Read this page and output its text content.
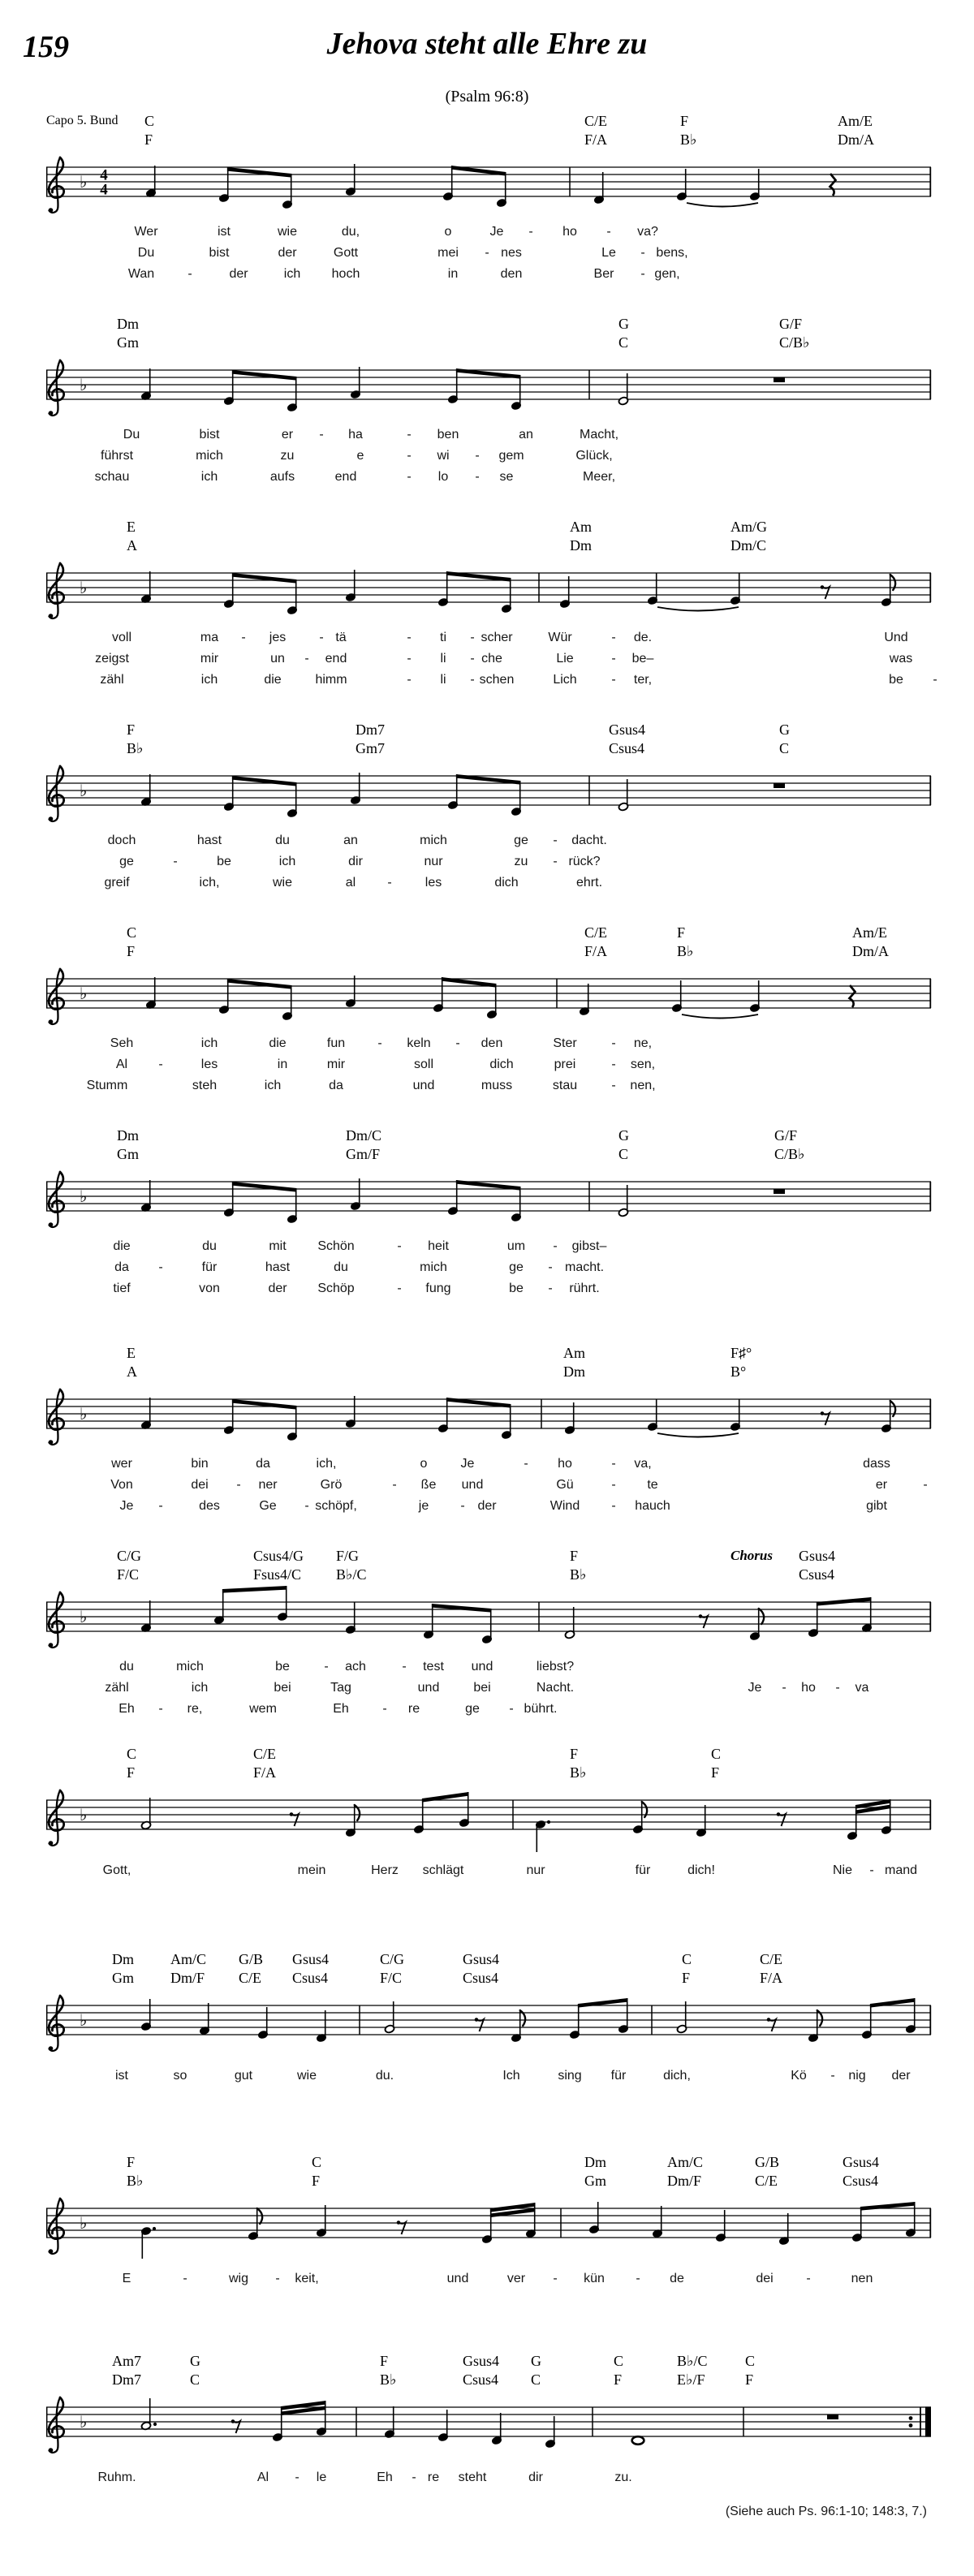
159	Jehova steht alle Ehre zu
(Psalm 96:8)
Capo 5. Bund C	C/E	F	Am/E
F	F/A	B♭	Dm/A
♭ 4
4
Wer	ist	wie	du,	o	Je - ho - va?
Du	bist	der	Gott	mei - nes	Le - bens,
Wan	-	der	ich hoch	in	den	Ber - gen,
Dm	G	G/F
Gm	C	C/B♭
♭
Du	bist	er - ha	- ben	an	Macht,
führst	mich	zu	e	- wi - gem	Glück,
schau	ich	aufs	end	- lo - se	Meer,
E	Am	Am/G
A	Dm	Dm/C
♭
voll	ma - jes	- tä	- ti - scher	Wür	- de.	Und
zeigst	mir	un - end	- li - che	Lie	- be–	was
zähl	ich	die	himm	- li - schen	Lich	- ter,	be -
F	Dm7	Gsus4	G
B♭	Gm7	Csus4	C
♭
doch	hast	du	an	mich	ge - dacht.
ge	-	be	ich	dir	nur	zu - rück?
greif	ich,	wie	al -	les	dich	ehrt.
C	C/E	F	Am/E
F	F/A	B♭	Dm/A
♭
Seh	ich	die	fun	- keln - den	Ster	- ne,
Al -	les	in	mir	soll	dich	prei	- sen,
Stumm	steh	ich	da	und	muss	stau	- nen,
Dm	Dm/C	G	G/F
Gm	Gm/F	C	C/B♭
♭
die	du	mit Schön	- heit	um - gibst–
da -	für	hast	du	mich	ge - macht.
tief	von	der Schöp	- fung	be - rührt.
E	Am	F♯°
A	Dm	B°
♭
wer	bin	da	ich,	o	Je	- ho	- va,	dass
Von	dei - ner	Grö	- ße und	Gü	- te	er	-
Je -	des	Ge - schöpf,	je - der	Wind - hauch	gibt
Chorus
C/G	Csus4/G F/G	F	Gsus4
F/C	Fsus4/C B♭/C	B♭	Csus4
♭
du	mich	be	- ach	- test und	liebst?
zähl	ich	bei	Tag	und	bei	Nacht.	Je - ho - va
Eh - re,	wem	Eh	- re	ge - bührt.
C	C/E	F	C
F	F/A	B♭	F
♭
Gott,	mein	Herz schlägt	nur	für	dich!	Nie - mand
Dm	Am/C G/B Gsus4	C/G	Gsus4	C	C/E
Gm	Dm/F C/E Csus4	F/C	Csus4	F	F/A
♭
ist	so	gut	wie	du.	Ich	sing für	dich,	Kö - nig der
F	C	Dm	Am/C	G/B	Gsus4
B♭	F	Gm	Dm/F	C/E	Csus4
♭
E	-	wig - keit,	und	ver - kün - de	dei	-	nen
Am7	G	F	Gsus4 G	C	B♭/C	C
Dm7	C	B♭	Csus4 C	F	E♭/F	F
♭
Ruhm.	Al - le	Eh - re steht	dir	zu.
(Siehe auch Ps. 96:1-10; 148:3, 7.)
